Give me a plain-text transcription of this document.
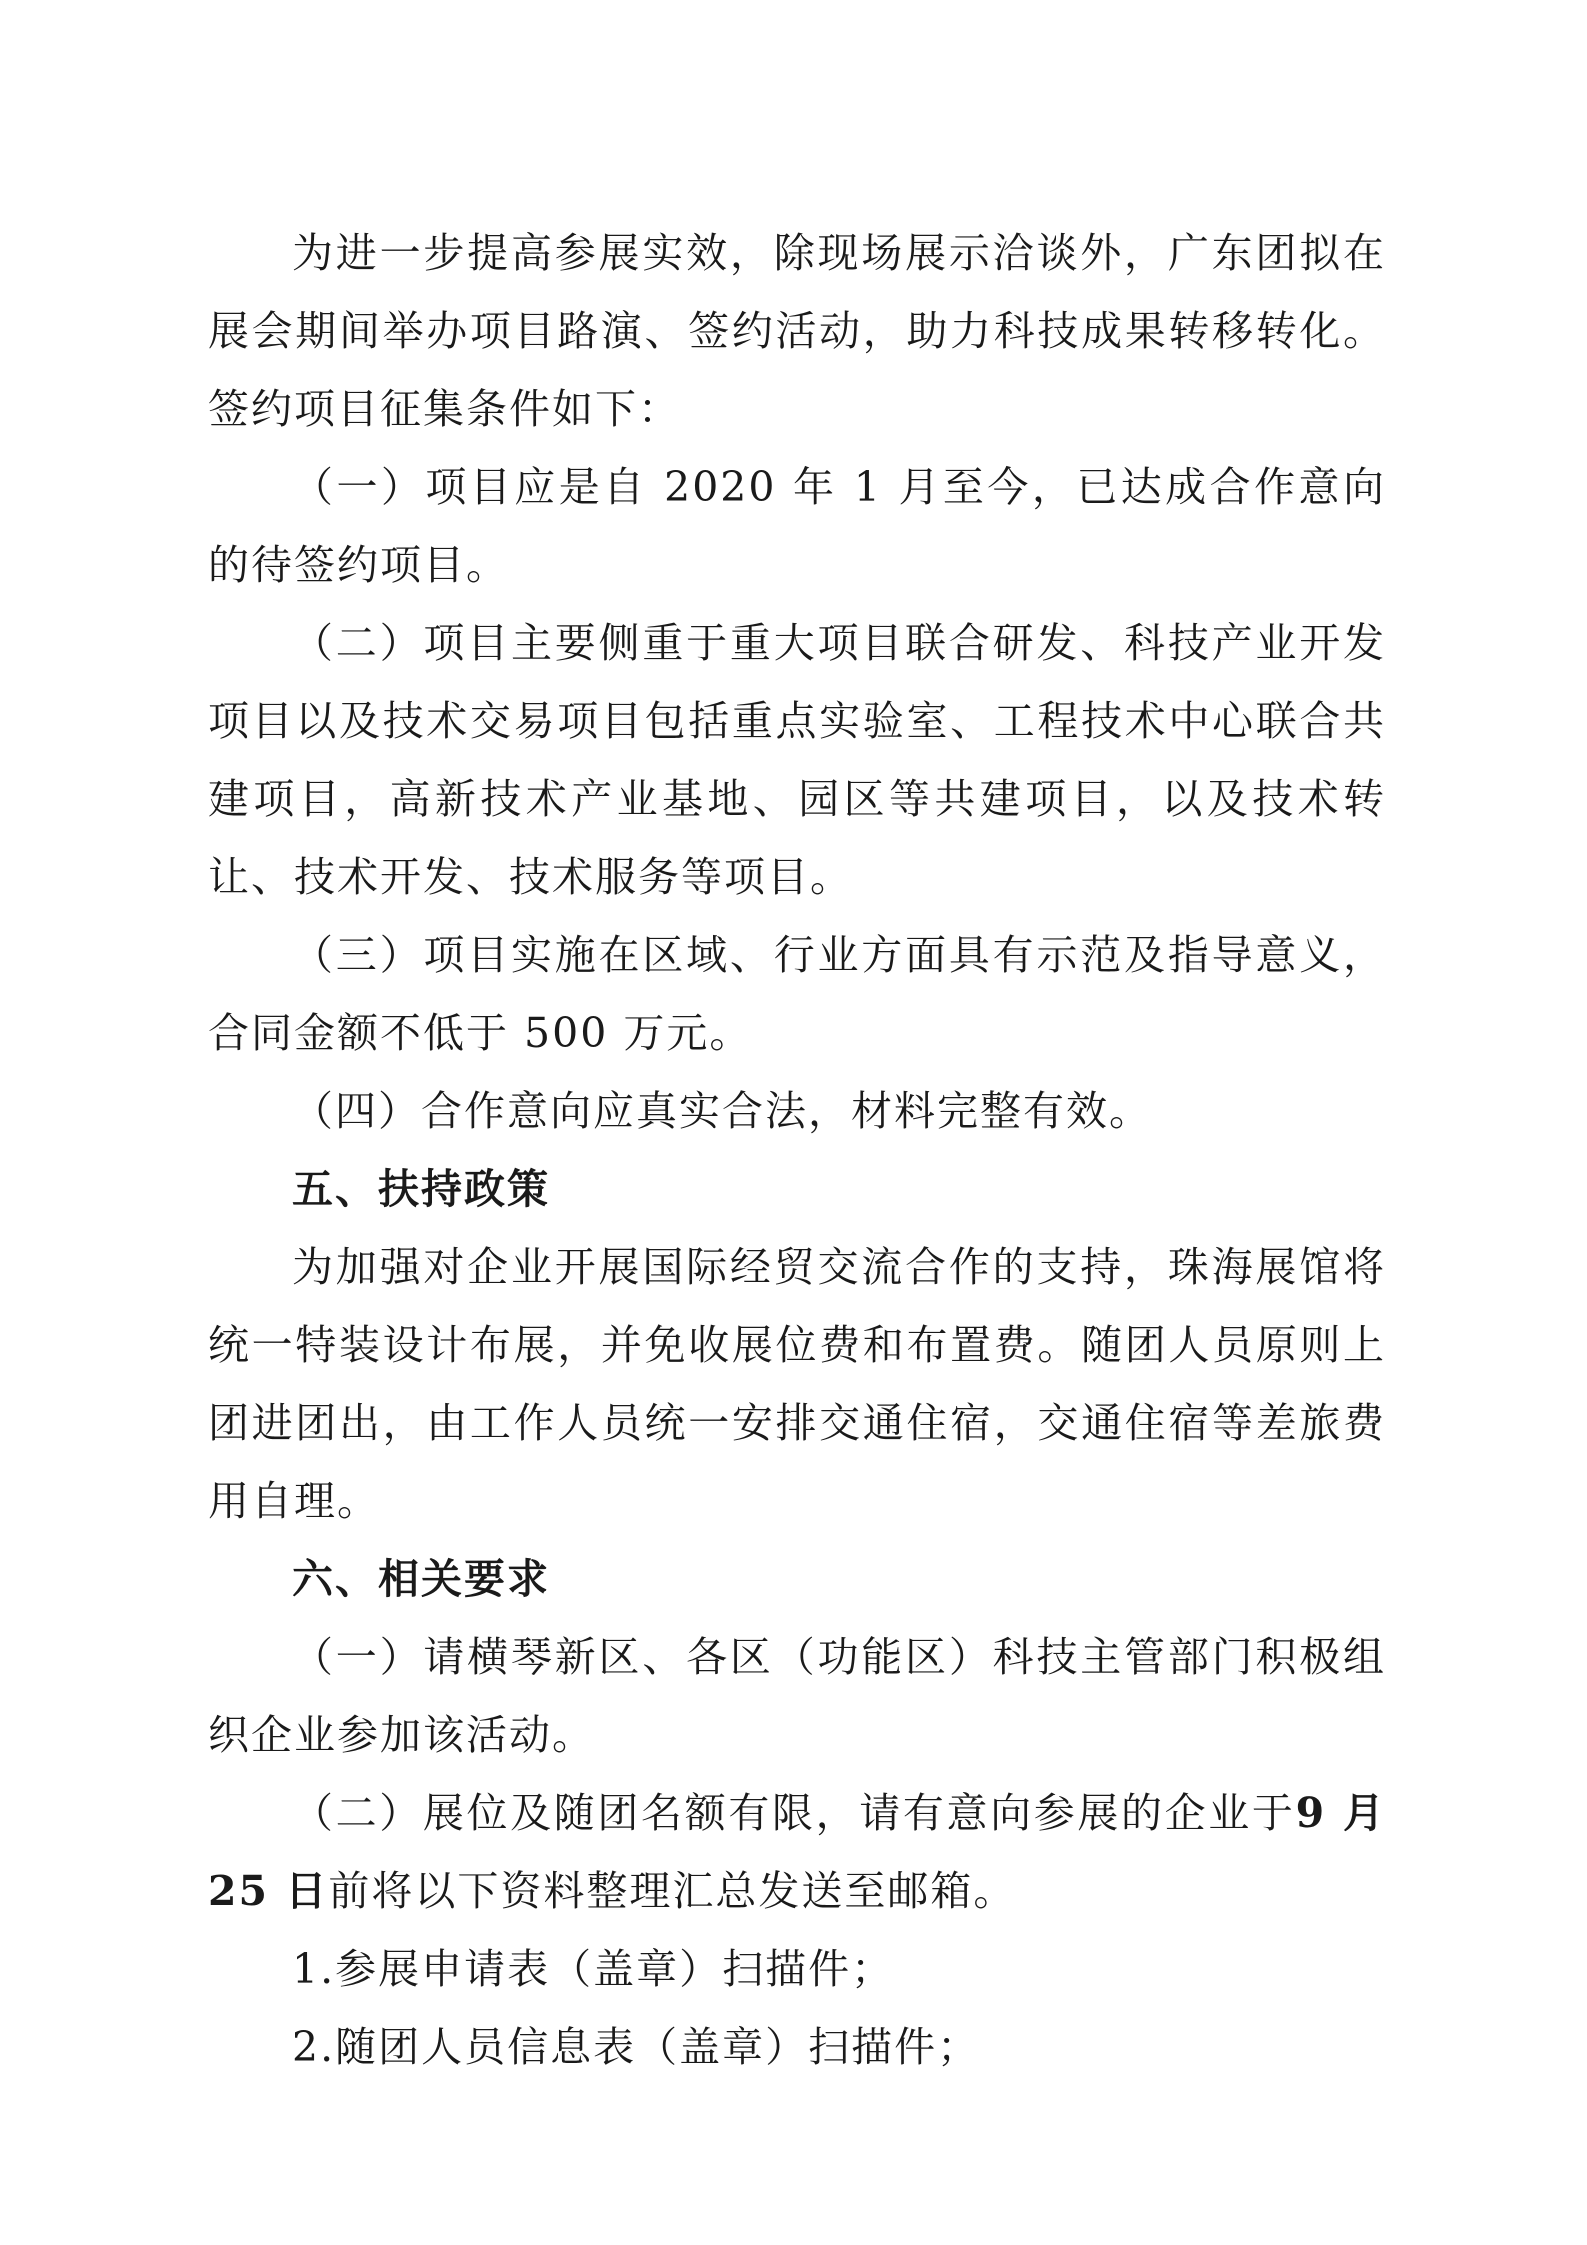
为进一步提高参展实效，除现场展示洽谈外，广东团拟在展会期间举办项目路演、签约活动，助力科技成果转移转化。签约项目征集条件如下：

（一）项目应是自 2020 年 1 月至今，已达成合作意向的待签约项目。

（二）项目主要侧重于重大项目联合研发、科技产业开发项目以及技术交易项目包括重点实验室、工程技术中心联合共建项目，高新技术产业基地、园区等共建项目，以及技术转让、技术开发、技术服务等项目。

（三）项目实施在区域、行业方面具有示范及指导意义，合同金额不低于 500 万元。

（四）合作意向应真实合法，材料完整有效。

五、扶持政策

为加强对企业开展国际经贸交流合作的支持，珠海展馆将统一特装设计布展，并免收展位费和布置费。随团人员原则上团进团出，由工作人员统一安排交通住宿，交通住宿等差旅费用自理。

六、相关要求

（一）请横琴新区、各区（功能区）科技主管部门积极组织企业参加该活动。

（二）展位及随团名额有限，请有意向参展的企业于9 月 25 日前将以下资料整理汇总发送至邮箱。

1.参展申请表（盖章）扫描件；

2.随团人员信息表（盖章）扫描件；
